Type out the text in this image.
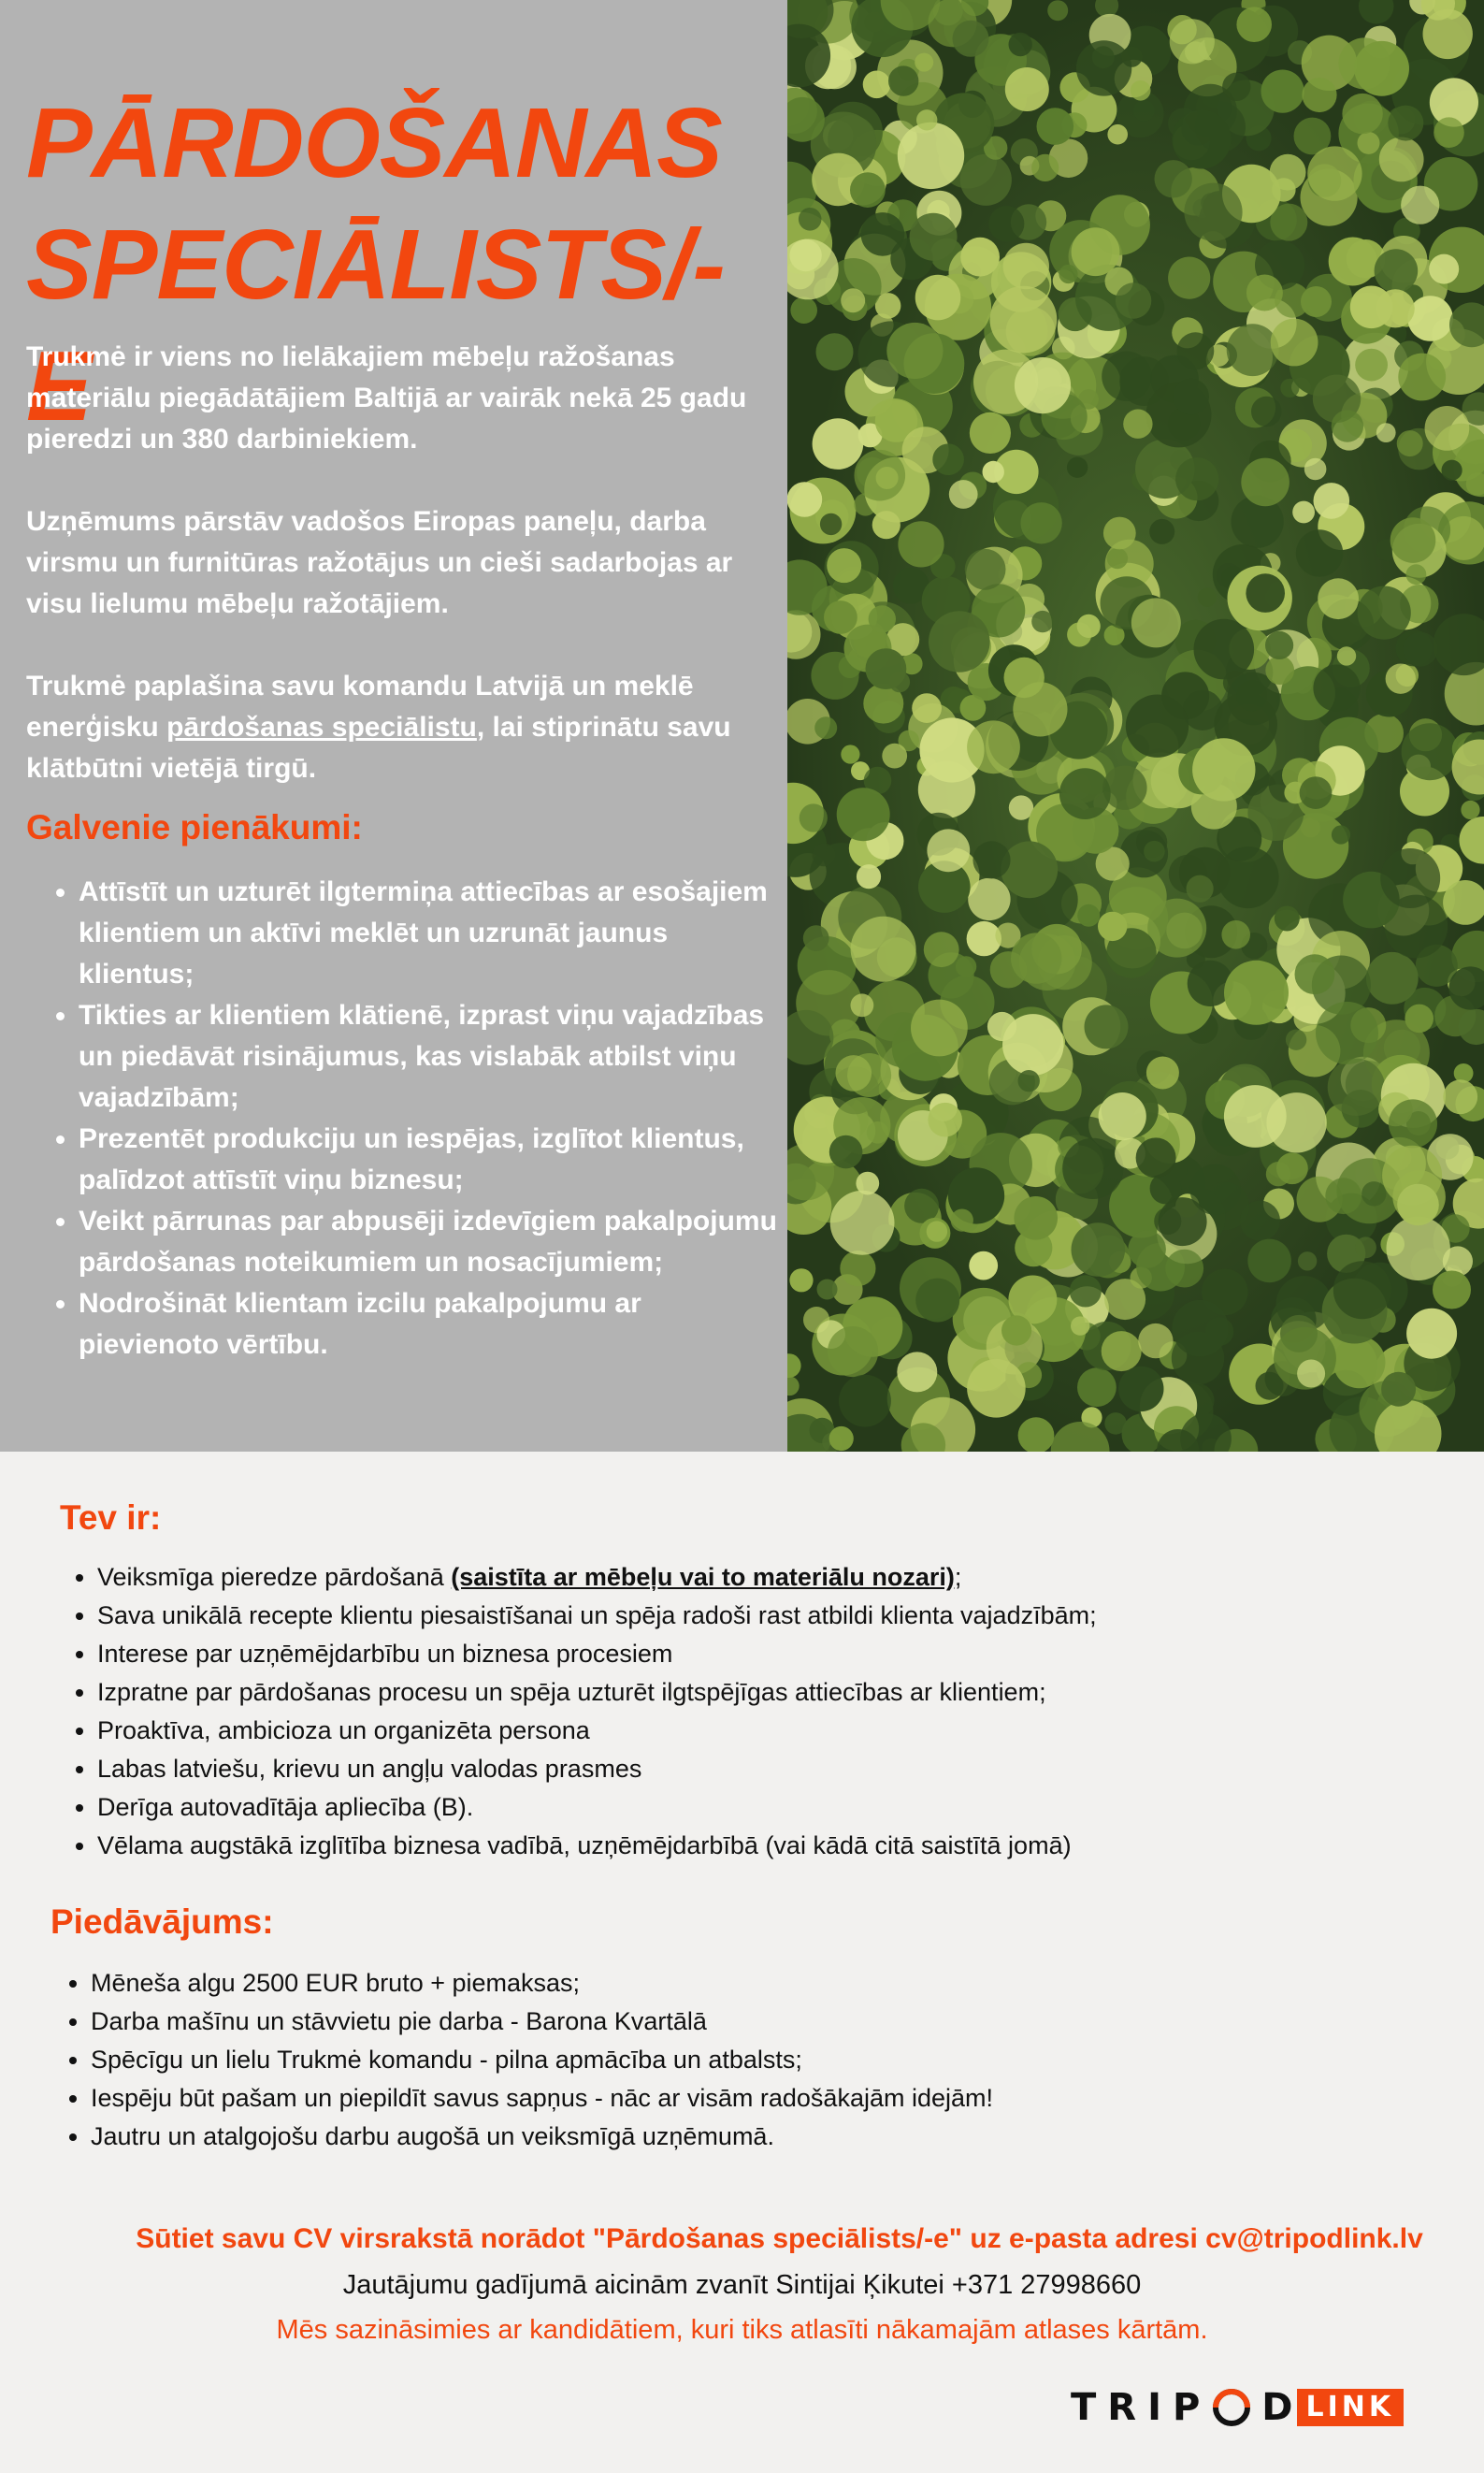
PĀRDOŠANAS
SPECIĀLISTS/-E

Trukmė ir viens no lielākajiem mēbeļu ražošanas materiālu piegādātājiem Baltijā ar vairāk nekā 25 gadu pieredzi un 380 darbiniekiem.

Uzņēmums pārstāv vadošos Eiropas paneļu, darba virsmu un furnitūras ražotājus un cieši sadarbojas ar visu lielumu mēbeļu ražotājiem.

Trukmė paplašina savu komandu Latvijā un meklē enerģisku pārdošanas speciālistu, lai stiprinātu savu klātbūtni vietējā tirgū.

Galvenie pienākumi:
• Attīstīt un uzturēt ilgtermiņa attiecības ar esošajiem klientiem un aktīvi meklēt un uzrunāt jaunus klientus;
• Tikties ar klientiem klātienē, izprast viņu vajadzības un piedāvāt risinājumus, kas vislabāk atbilst viņu vajadzībām;
• Prezentēt produkciju un iespējas, izglītot klientus, palīdzot attīstīt viņu biznesu;
• Veikt pārrunas par abpusēji izdevīgiem pakalpojumu pārdošanas noteikumiem un nosacījumiem;
• Nodrošināt klientam izcilu pakalpojumu ar pievienoto vērtību.
Tev ir:
• Veiksmīga pieredze pārdošanā (saistīta ar mēbeļu vai to materiālu nozari);
• Sava unikālā recepte klientu piesaistīšanai un spēja radoši rast atbildi klienta vajadzībām;
• Interese par uzņēmējdarbību un biznesa procesiem
• Izpratne par pārdošanas procesu un spēja uzturēt ilgtspējīgas attiecības ar klientiem;
• Proaktīva, ambicioza un organizēta persona
• Labas latviešu, krievu un angļu valodas prasmes
• Derīga autovadītāja apliecība (B).
• Vēlama augstākā izglītība biznesa vadībā, uzņēmējdarbībā (vai kādā citā saistītā jomā)
Piedāvājums:
• Mēneša algu 2500 EUR bruto + piemaksas;
• Darba mašīnu un stāvvietu pie darba - Barona Kvartālā
• Spēcīgu un lielu Trukmė komandu - pilna apmācība un atbalsts;
• Iespēju būt pašam un piepildīt savus sapņus - nāc ar visām radošākajām idejām!
• Jautru un atalgojošu darbu augošā un veiksmīgā uzņēmumā.
Sūtiet savu CV virsrakstā norādot "Pārdošanas speciālists/-e" uz e-pasta adresi cv@tripodlink.lv
Jautājumu gadījumā aicinām zvanīt Sintijai Ķikutei +371 27998660
Mēs sazināsimies ar kandidātiem, kuri tiks atlasīti nākamajām atlases kārtām.
TRIP D LINK
